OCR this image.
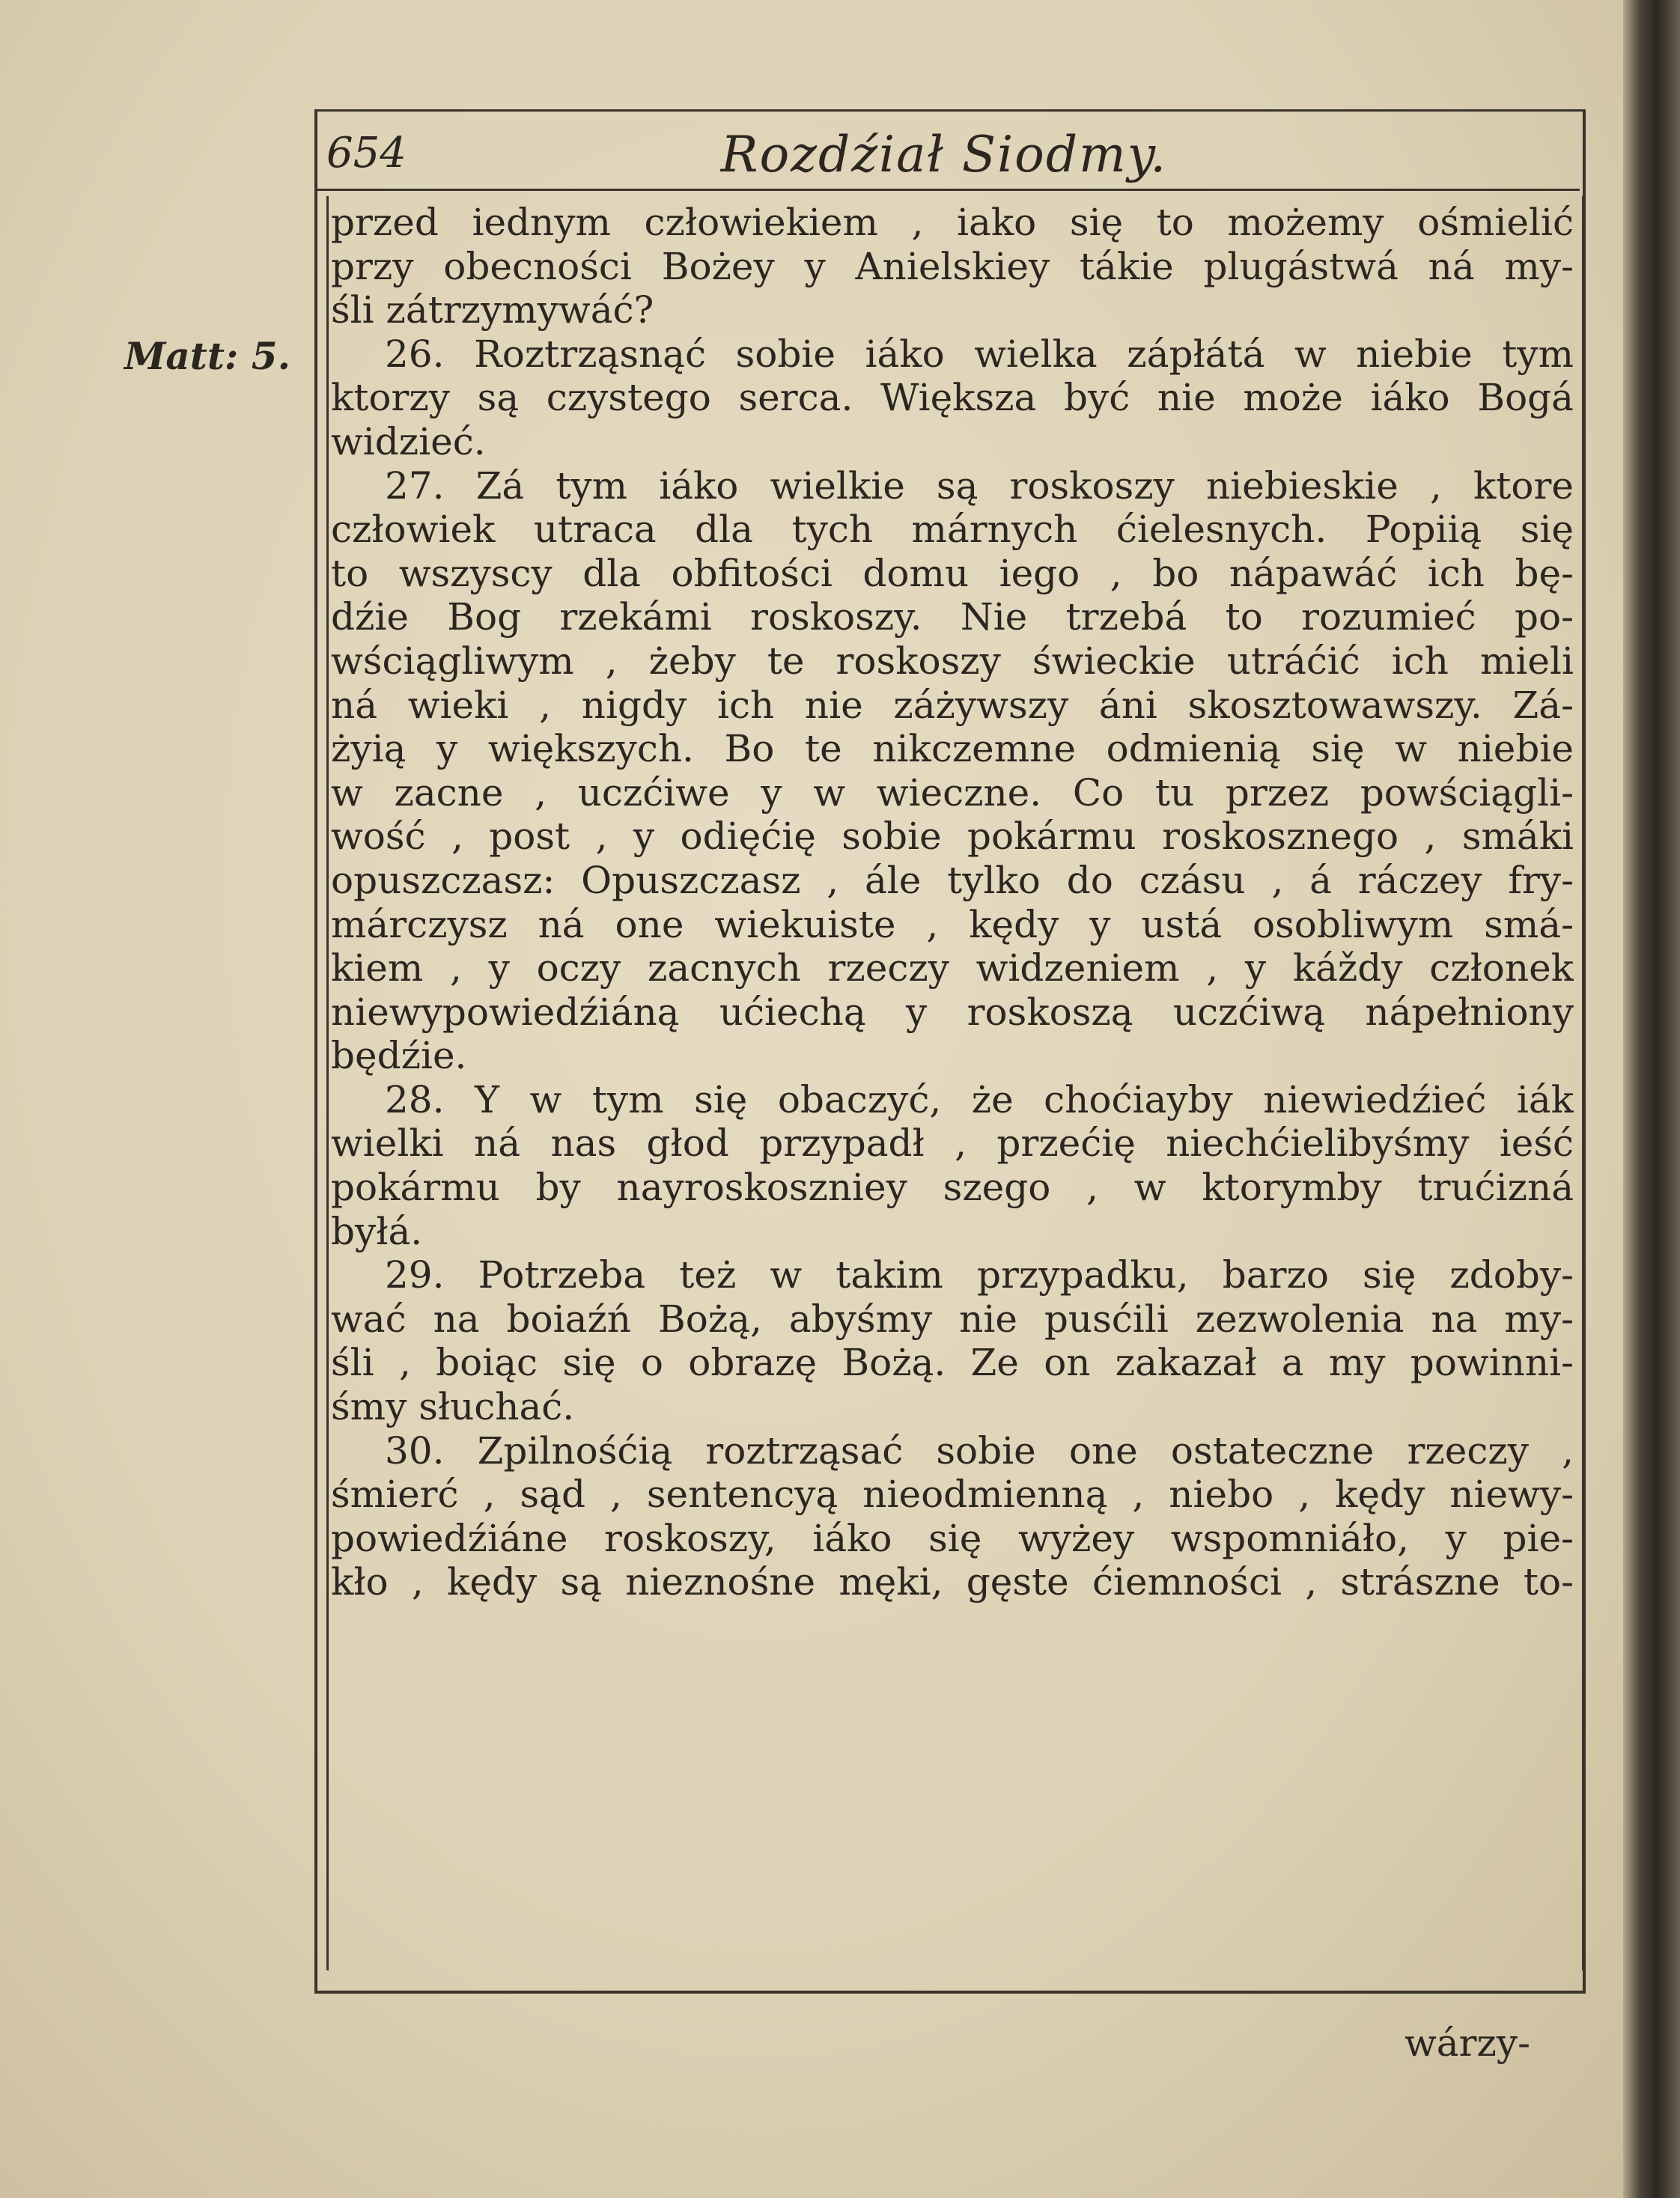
654	Rozdźiał Siodmy.
Matt: 5.
przed iednym człowiekiem , iako się to możemy ośmielić
przy obecności Bożey y Anielskiey tákie plugástwá ná my-
śli zátrzymywáć?
26. Roztrząsnąć sobie iáko wielka zápłátá w niebie tym
ktorzy są czystego serca. Większa być nie może iáko Bogá
widzieć.
27. Zá tym iáko wielkie są roskoszy niebieskie , ktore
człowiek utraca dla tych márnych ćielesnych. Popiią się
to wszyscy dla obfitości domu iego , bo nápawáć ich bę-
dźie Bog rzekámi roskoszy. Nie trzebá to rozumieć po-
wściągliwym , żeby te roskoszy świeckie utráćić ich mieli
ná wieki , nigdy ich nie záżywszy áni skosztowawszy. Zá-
żyią y większych. Bo te nikczemne odmienią się w niebie
w zacne , uczćiwe y w wieczne. Co tu przez powściągli-
wość , post , y odięćię sobie pokármu roskosznego , smáki
opuszczasz: Opuszczasz , ále tylko do czásu , á ráczey fry-
márczysz ná one wiekuiste , kędy y ustá osobliwym smá-
kiem , y oczy zacnych rzeczy widzeniem , y káždy członek
niewypowiedźiáną ućiechą y roskoszą uczćiwą nápełniony
będźie.
28. Y w tym się obaczyć, że choćiayby niewiedźieć iák
wielki ná nas głod przypadł , przećię niechćielibyśmy ieść
pokármu by nayroskoszniey szego , w ktorymby trućizná
byłá.
29. Potrzeba też w takim przypadku, barzo się zdoby-
wać na boiaźń Bożą, abyśmy nie pusćili zezwolenia na my-
śli , boiąc się o obrazę Bożą. Ze on zakazał a my powinni-
śmy słuchać.
30. Zpilnośćią roztrząsać sobie one ostateczne rzeczy ,
śmierć , sąd , sentencyą nieodmienną , niebo , kędy niewy-
powiedźiáne roskoszy, iáko się wyżey wspomniáło, y pie-
kło , kędy są nieznośne męki, gęste ćiemności , strászne to-
wárzy-
